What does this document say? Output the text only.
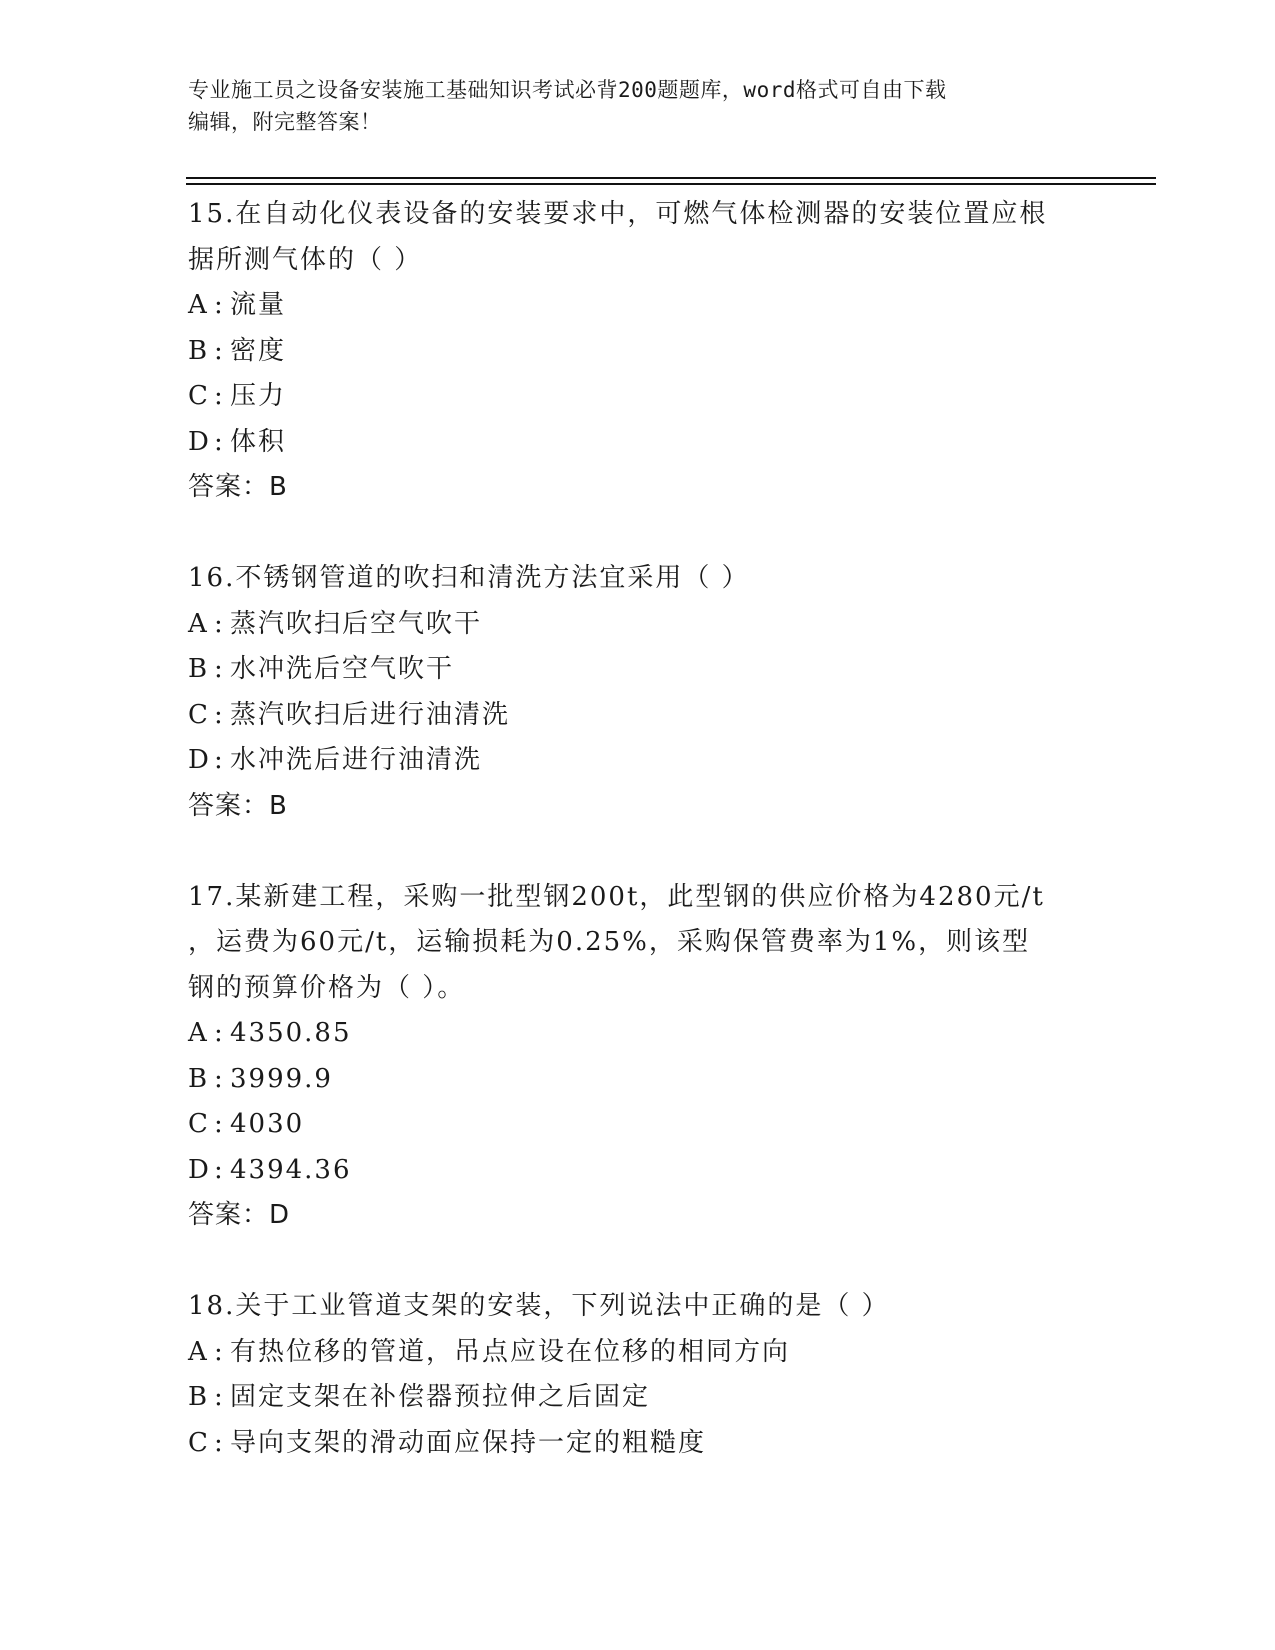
专业施工员之设备安装施工基础知识考试必背200题题库，word格式可自由下载
编辑，附完整答案！
15.在自动化仪表设备的安装要求中，可燃气体检测器的安装位置应根
据所测气体的（ ）
A : 流量
B : 密度
C : 压力
D : 体积
答案：B
16.不锈钢管道的吹扫和清洗方法宜采用（ ）
A : 蒸汽吹扫后空气吹干
B : 水冲洗后空气吹干
C : 蒸汽吹扫后进行油清洗
D : 水冲洗后进行油清洗
答案：B
17.某新建工程，采购一批型钢200t，此型钢的供应价格为4280元/t
，运费为60元/t，运输损耗为0.25%，采购保管费率为1%，则该型
钢的预算价格为（ ）。
A : 4350.85
B : 3999.9
C : 4030
D : 4394.36
答案：D
18.关于工业管道支架的安装，下列说法中正确的是（ ）
A : 有热位移的管道，吊点应设在位移的相同方向
B : 固定支架在补偿器预拉伸之后固定
C : 导向支架的滑动面应保持一定的粗糙度
